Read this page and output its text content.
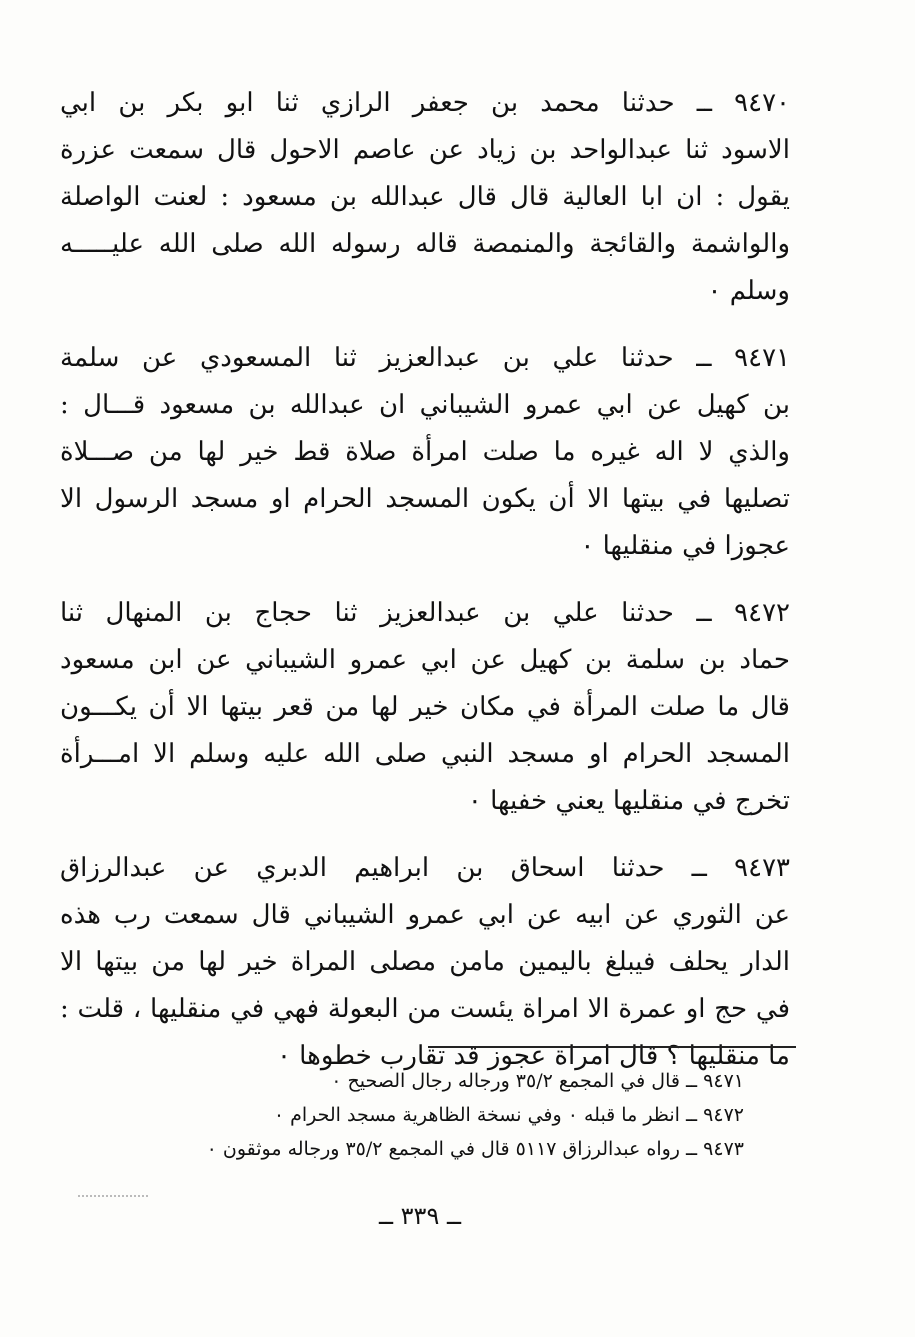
٩٤٧٠ ــ حدثنا محمد بن جعفر الرازي ثنا ابو بكر بن ابي
الاسود ثنا عبدالواحد بن زياد عن عاصم الاحول قال سمعت عزرة
يقول : ان ابا العالية قال قال عبدالله بن مسعود : لعنت الواصلة
والواشمة والقائجة والمنمصة قاله رسوله الله صلى الله عليـــــه
وسلم ٠
٩٤٧١ ــ حدثنا علي بن عبدالعزيز ثنا المسعودي عن سلمة
بن كهيل عن ابي عمرو الشيباني ان عبدالله بن مسعود قـــال :
والذي لا اله غيره ما صلت امرأة صلاة قط خير لها من صـــلاة
تصليها في بيتها الا أن يكون المسجد الحرام او مسجد الرسول الا
عجوزا في منقليها ٠
٩٤٧٢ ــ حدثنا علي بن عبدالعزيز ثنا حجاج بن المنهال ثنا
حماد بن سلمة بن كهيل عن ابي عمرو الشيباني عن ابن مسعود
قال ما صلت المرأة في مكان خير لها من قعر بيتها الا أن يكـــون
المسجد الحرام او مسجد النبي صلى الله عليه وسلم الا امـــرأة
تخرج في منقليها يعني خفيها ٠
٩٤٧٣ ــ حدثنا اسحاق بن ابراهيم الدبري عن عبدالرزاق
عن الثوري عن ابيه عن ابي عمرو الشيباني قال سمعت رب هذه
الدار يحلف فيبلغ باليمين مامن مصلى المراة خير لها من بيتها الا
في حج او عمرة الا امراة يئست من البعولة فهي في منقليها ، قلت :
ما منقليها ؟ قال امراة عجوز قد تقارب خطوها ٠
٩٤٧١ ــ قال في المجمع ٣٥/٢ ورجاله رجال الصحيح ٠
٩٤٧٢ ــ انظر ما قبله ٠ وفي نسخة الظاهرية مسجد الحرام ٠
٩٤٧٣ ــ رواه عبدالرزاق ٥١١٧ قال في المجمع ٣٥/٢ ورجاله موثقون ٠
ــ ٣٣٩ ــ
